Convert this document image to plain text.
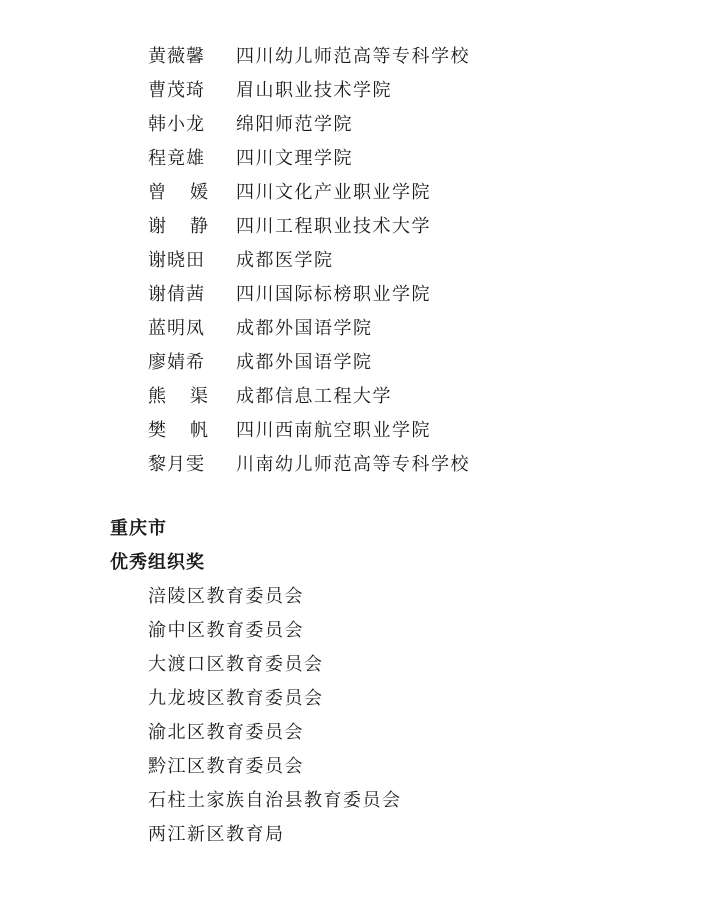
黄薇馨 四川幼儿师范高等专科学校
曹茂琦 眉山职业技术学院
韩小龙 绵阳师范学院
程竟雄 四川文理学院
曾 媛 四川文化产业职业学院
谢 静 四川工程职业技术大学
谢晓田 成都医学院
谢倩茜 四川国际标榜职业学院
蓝明凤 成都外国语学院
廖婧希 成都外国语学院
熊 渠 成都信息工程大学
樊 帆 四川西南航空职业学院
黎月雯 川南幼儿师范高等专科学校
重庆市
优秀组织奖
涪陵区教育委员会
渝中区教育委员会
大渡口区教育委员会
九龙坡区教育委员会
渝北区教育委员会
黔江区教育委员会
石柱土家族自治县教育委员会
两江新区教育局
